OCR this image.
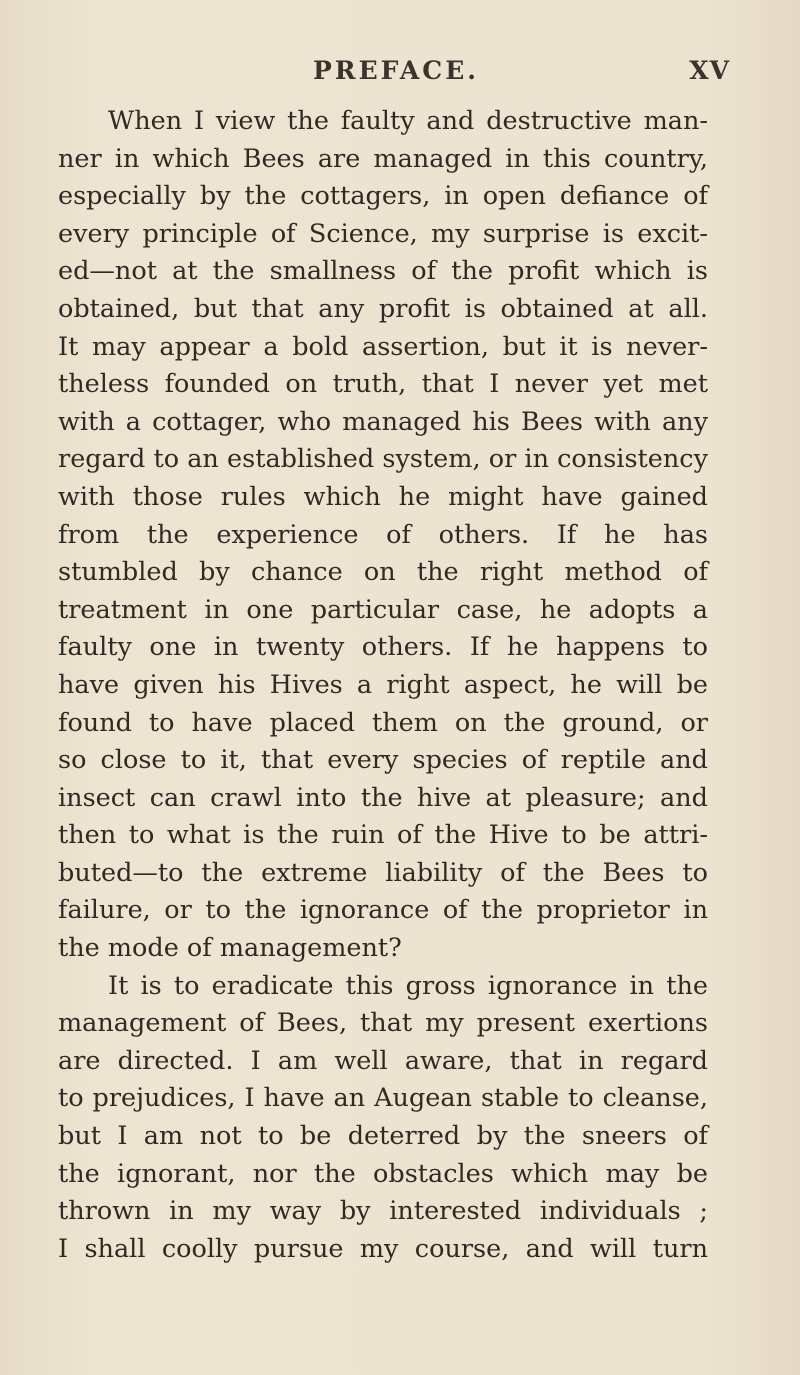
PREFACE.	XV
When I view the faulty and destructive man-
ner in which Bees are managed in this country,
especially by the cottagers, in open defiance of
every principle of Science, my surprise is excit-
ed—not at the smallness of the profit which is
obtained, but that any profit is obtained at all.
It may appear a bold assertion, but it is never-
theless founded on truth, that I never yet met
with a cottager, who managed his Bees with any
regard to an established system, or in consistency
with those rules which he might have gained
from the experience of others. If he has
stumbled by chance on the right method of
treatment in one particular case, he adopts a
faulty one in twenty others. If he happens to
have given his Hives a right aspect, he will be
found to have placed them on the ground, or
so close to it, that every species of reptile and
insect can crawl into the hive at pleasure; and
then to what is the ruin of the Hive to be attri-
buted—to the extreme liability of the Bees to
failure, or to the ignorance of the proprietor in
the mode of management?
It is to eradicate this gross ignorance in the
management of Bees, that my present exertions
are directed. I am well aware, that in regard
to prejudices, I have an Augean stable to cleanse,
but I am not to be deterred by the sneers of
the ignorant, nor the obstacles which may be
thrown in my way by interested individuals ;
I shall coolly pursue my course, and will turn
